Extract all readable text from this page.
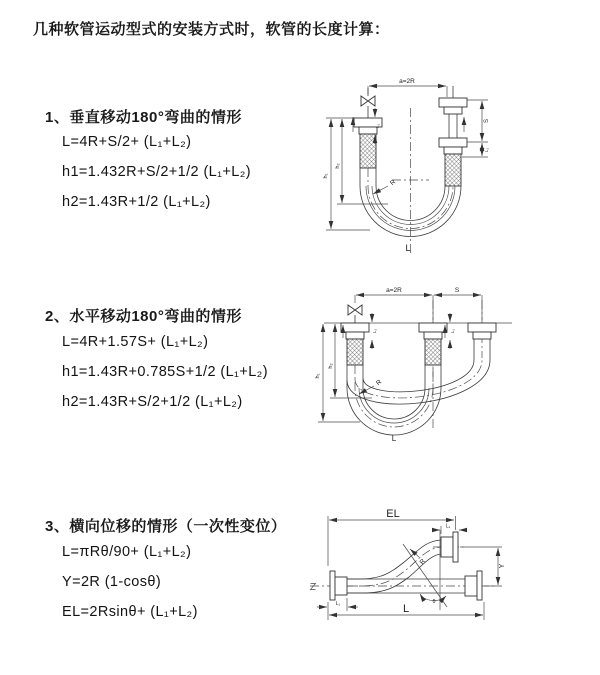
几种软管运动型式的安装方式时，软管的长度计算：
1、垂直移动180°弯曲的情形
L=4R+S/2+ (L₁+L₂)
h1=1.432R+S/2+1/2 (L₁+L₂)
h2=1.43R+1/2 (L₁+L₂)
2、水平移动180°弯曲的情形
L=4R+1.57S+ (L₁+L₂)
h1=1.43R+0.785S+1/2 (L₁+L₂)
h2=1.43R+S/2+1/2 (L₁+L₂)
3、横向位移的情形（一次性变位）
L=πRθ/90+ (L₁+L₂)
Y=2R (1-cosθ)
EL=2Rsinθ+ (L₁+L₂)
a=2R
h₁
h₂
L₁
S
L₁
R
L
a=2R	S
L₁	L₁
h₁
h₂
R
L
EL
L₁
Y
θ
R
L
L₁
